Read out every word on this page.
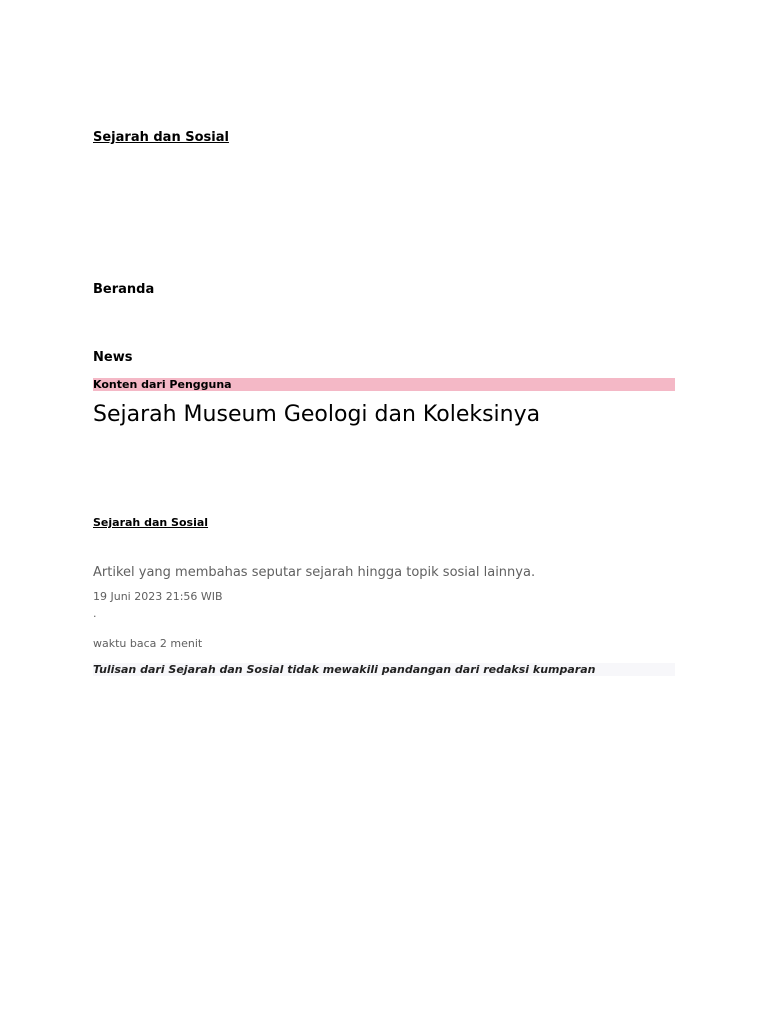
Sejarah dan Sosial
Beranda
News
Konten dari Pengguna
Sejarah Museum Geologi dan Koleksinya
Sejarah dan Sosial
Artikel yang membahas seputar sejarah hingga topik sosial lainnya.
19 Juni 2023 21:56 WIB
·
waktu baca 2 menit
Tulisan dari Sejarah dan Sosial tidak mewakili pandangan dari redaksi kumparan
